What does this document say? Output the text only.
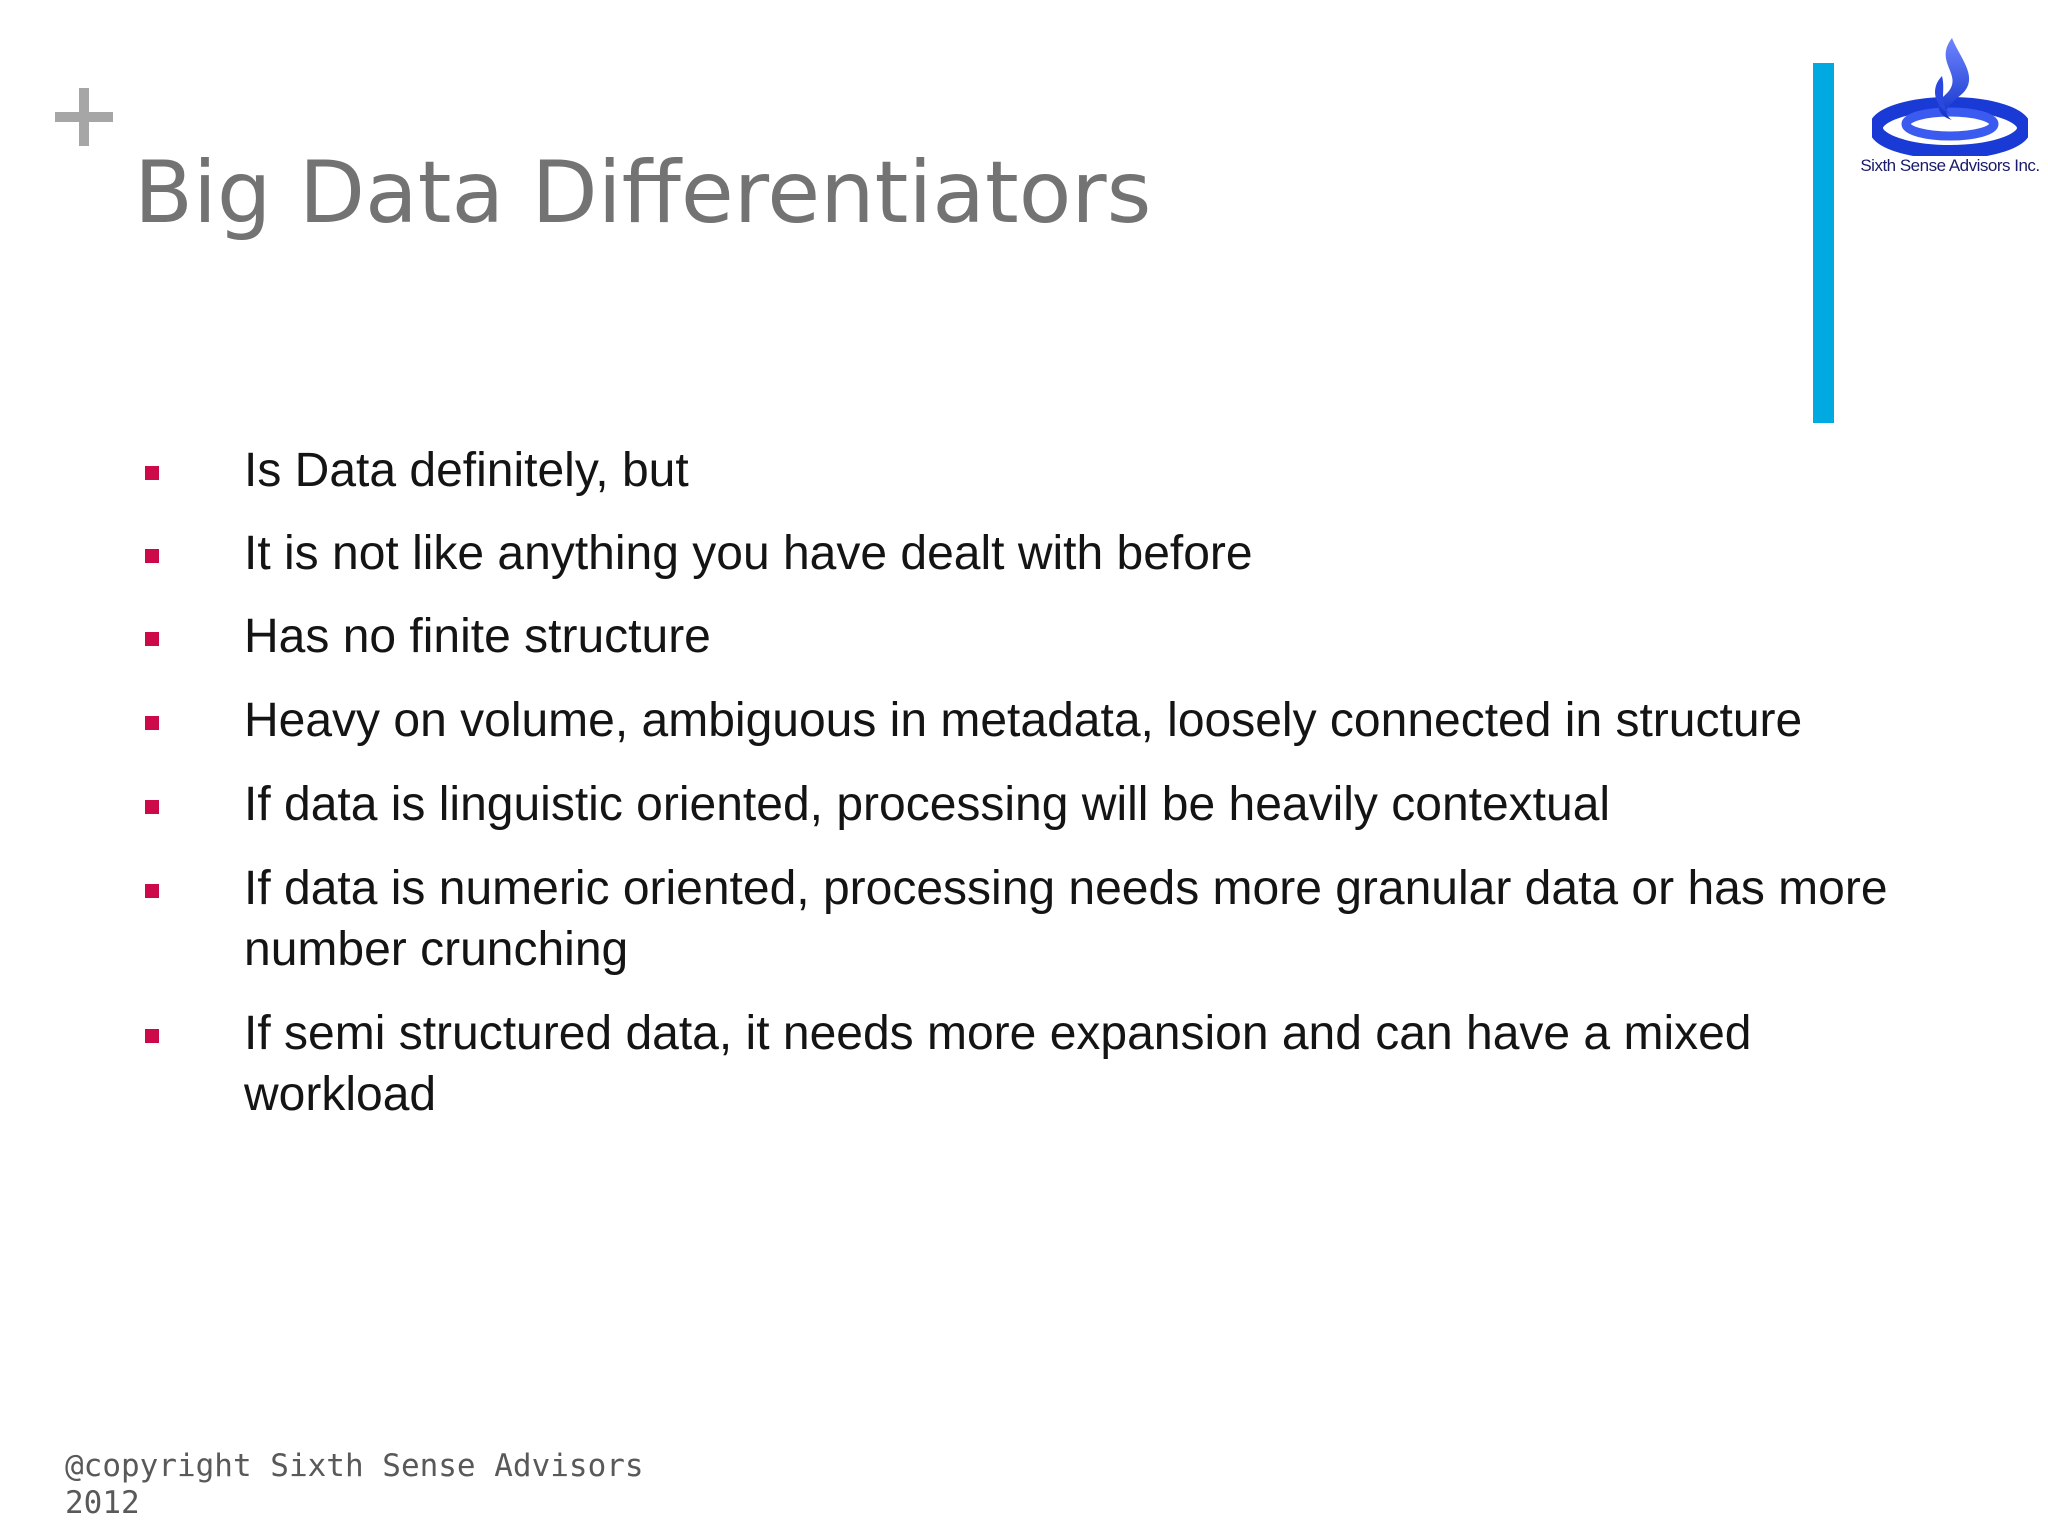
Big Data Differentiators	Sixth Sense Advisors Inc.
Is Data definitely, but
It is not like anything you have dealt with before
Has no finite structure
Heavy on volume, ambiguous in metadata, loosely connected in structure
If data is linguistic oriented, processing will be heavily contextual
If data is numeric oriented, processing needs more granular data or has more number crunching
If semi structured data, it needs more expansion and can have a mixed workload
@copyright Sixth Sense Advisors
2012
